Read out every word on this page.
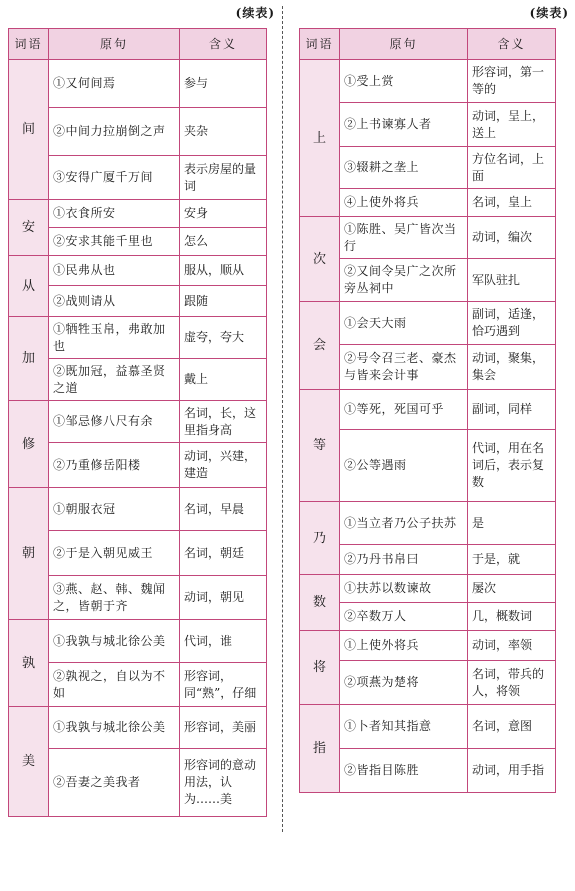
(续表)	(续表)
词语	原句	含义
间	①又何间焉	参与
	②中间力拉崩倒之声	夹杂
	③安得广厦千万间	表示房屋的量词
安	①衣食所安	安身
	②安求其能千里也	怎么
从	①民弗从也	服从，顺从
	②战则请从	跟随
加	①牺牲玉帛，弗敢加也	虚夸，夸大
	②既加冠，益慕圣贤之道	戴上
修	①邹忌修八尺有余	名词，长，这里指身高
	②乃重修岳阳楼	动词，兴建，建造
朝	①朝服衣冠	名词，早晨
	②于是入朝见威王	名词，朝廷
	③燕、赵、韩、魏闻之，皆朝于齐	动词，朝见
孰	①我孰与城北徐公美	代词，谁
	②孰视之，自以为不如	形容词，同“熟”，仔细
美	①我孰与城北徐公美	形容词，美丽
	②吾妻之美我者	形容词的意动用法，认为……美
词语	原句	含义
上	①受上赏	形容词，第一等的
	②上书谏寡人者	动词，呈上，送上
	③辍耕之垄上	方位名词，上面
	④上使外将兵	名词，皇上
次	①陈胜、吴广皆次当行	动词，编次
	②又间令吴广之次所旁丛祠中	军队驻扎
会	①会天大雨	副词，适逢，恰巧遇到
	②号令召三老、豪杰与皆来会计事	动词，聚集，集会
等	①等死，死国可乎	副词，同样
	②公等遇雨	代词，用在名词后，表示复数
乃	①当立者乃公子扶苏	是
	②乃丹书帛曰	于是，就
数	①扶苏以数谏故	屡次
	②卒数万人	几，概数词
将	①上使外将兵	动词，率领
	②项燕为楚将	名词，带兵的人，将领
指	①卜者知其指意	名词，意图
	②皆指目陈胜	动词，用手指
